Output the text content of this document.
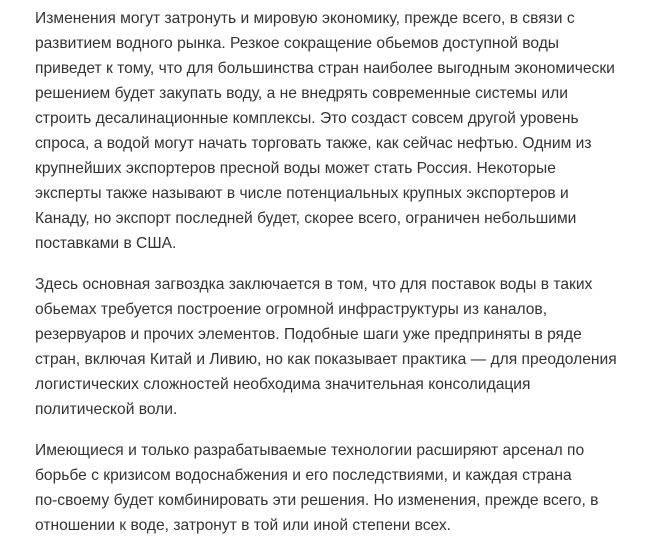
Изменения могут затронуть и мировую экономику, прежде всего, в связи с
развитием водного рынка. Резкое сокращение обьемов доступной воды
приведет к тому, что для большинства стран наиболее выгодным экономически
решением будет закупать воду, а не внедрять современные системы или
строить десалинационные комплексы. Это создаст совсем другой уровень
спроса, а водой могут начать торговать также, как сейчас нефтью. Одним из
крупнейших экспортеров пресной воды может стать Россия. Некоторые
эксперты также называют в числе потенциальных крупных экспортеров и
Канаду, но экспорт последней будет, скорее всего, ограничен небольшими
поставками в США.

Здесь основная загвоздка заключается в том, что для поставок воды в таких
обьемах требуется построение огромной инфраструктуры из каналов,
резервуаров и прочих элементов. Подобные шаги уже предприняты в ряде
стран, включая Китай и Ливию, но как показывает практика — для преодоления
логистических сложностей необходима значительная консолидация
политической воли.

Имеющиеся и только разрабатываемые технологии расширяют арсенал по
борьбе с кризисом водоснабжения и его последствиями, и каждая страна
по-своему будет комбинировать эти решения. Но изменения, прежде всего, в
отношении к воде, затронут в той или иной степени всех.
